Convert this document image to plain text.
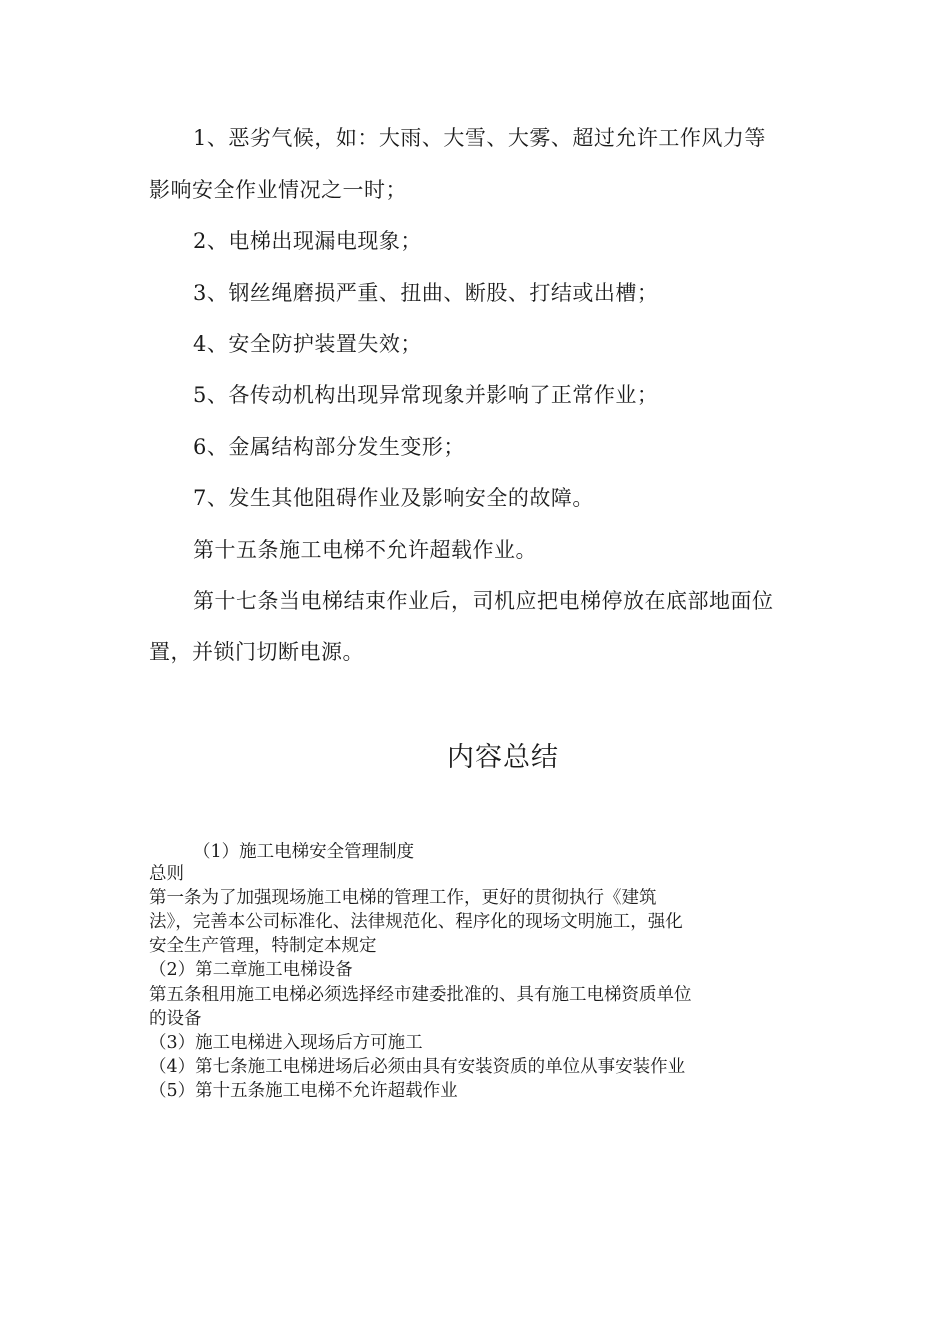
1、恶劣气候，如：大雨、大雪、大雾、超过允许工作风力等
影响安全作业情况之一时；
2、电梯出现漏电现象；
3、钢丝绳磨损严重、扭曲、断股、打结或出槽；
4、安全防护装置失效；
5、各传动机构出现异常现象并影响了正常作业；
6、金属结构部分发生变形；
7、发生其他阻碍作业及影响安全的故障。
第十五条施工电梯不允许超载作业。
第十七条当电梯结束作业后，司机应把电梯停放在底部地面位
置，并锁门切断电源。
内容总结
（1）施工电梯安全管理制度
总则
第一条为了加强现场施工电梯的管理工作，更好的贯彻执行《建筑
法》，完善本公司标准化、法律规范化、程序化的现场文明施工，强化
安全生产管理，特制定本规定
（2）第二章施工电梯设备
第五条租用施工电梯必须选择经市建委批准的、具有施工电梯资质单位
的设备
（3）施工电梯进入现场后方可施工
（4）第七条施工电梯进场后必须由具有安装资质的单位从事安装作业
（5）第十五条施工电梯不允许超载作业
